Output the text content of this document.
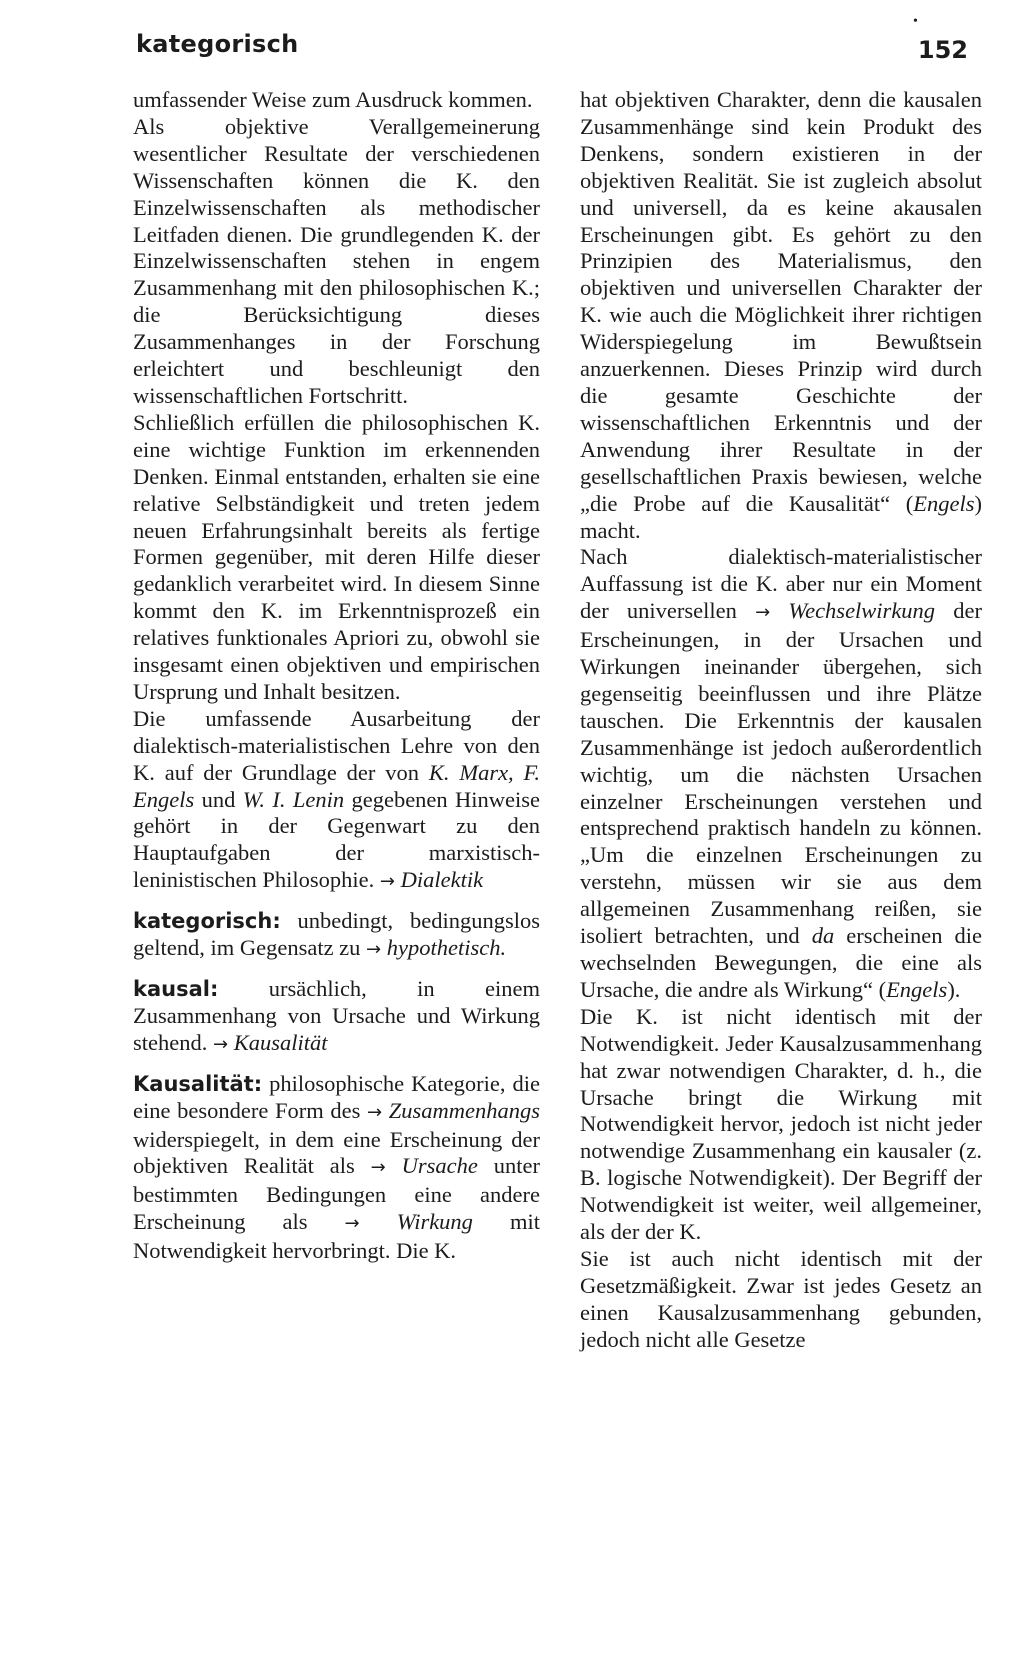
kategorisch	152
•

umfassender Weise zum Ausdruck kommen.

Als objektive Verallgemeinerung wesentlicher Resultate der verschiedenen Wissenschaften können die K. den Einzelwissenschaften als methodischer Leitfaden dienen. Die grundlegenden K. der Einzelwissenschaften stehen in engem Zusammenhang mit den philosophischen K.; die Berücksichtigung dieses Zusammenhanges in der Forschung erleichtert und beschleunigt den wissenschaftlichen Fortschritt.

Schließlich erfüllen die philosophischen K. eine wichtige Funktion im erkennenden Denken. Einmal entstanden, erhalten sie eine relative Selbständigkeit und treten jedem neuen Erfahrungsinhalt bereits als fertige Formen gegenüber, mit deren Hilfe dieser gedanklich verarbeitet wird. In diesem Sinne kommt den K. im Erkenntnisprozeß ein relatives funktionales Apriori zu, obwohl sie insgesamt einen objektiven und empirischen Ursprung und Inhalt besitzen.

Die umfassende Ausarbeitung der dialektisch-materialistischen Lehre von den K. auf der Grundlage der von K. Marx, F. Engels und W. I. Lenin gegebenen Hinweise gehört in der Gegenwart zu den Hauptaufgaben der marxistisch-leninistischen Philosophie. → Dialektik

kategorisch: unbedingt, bedingungslos geltend, im Gegensatz zu → hypothetisch.

kausal: ursächlich, in einem Zusammenhang von Ursache und Wirkung stehend. → Kausalität

Kausalität: philosophische Kategorie, die eine besondere Form des → Zusammenhangs widerspiegelt, in dem eine Erscheinung der objektiven Realität als → Ursache unter bestimmten Bedingungen eine andere Erscheinung als → Wirkung mit Notwendigkeit hervorbringt. Die K.

hat objektiven Charakter, denn die kausalen Zusammenhänge sind kein Produkt des Denkens, sondern existieren in der objektiven Realität. Sie ist zugleich absolut und universell, da es keine akausalen Erscheinungen gibt. Es gehört zu den Prinzipien des Materialismus, den objektiven und universellen Charakter der K. wie auch die Möglichkeit ihrer richtigen Widerspiegelung im Bewußtsein anzuerkennen. Dieses Prinzip wird durch die gesamte Geschichte der wissenschaftlichen Erkenntnis und der Anwendung ihrer Resultate in der gesellschaftlichen Praxis bewiesen, welche „die Probe auf die Kausalität“ (Engels) macht.

Nach dialektisch-materialistischer Auffassung ist die K. aber nur ein Moment der universellen → Wechselwirkung der Erscheinungen, in der Ursachen und Wirkungen ineinander übergehen, sich gegenseitig beeinflussen und ihre Plätze tauschen. Die Erkenntnis der kausalen Zusammenhänge ist jedoch außerordentlich wichtig, um die nächsten Ursachen einzelner Erscheinungen verstehen und entsprechend praktisch handeln zu können. „Um die einzelnen Erscheinungen zu verstehn, müssen wir sie aus dem allgemeinen Zusammenhang reißen, sie isoliert betrachten, und da erscheinen die wechselnden Bewegungen, die eine als Ursache, die andre als Wirkung“ (Engels).

Die K. ist nicht identisch mit der Notwendigkeit. Jeder Kausalzusammenhang hat zwar notwendigen Charakter, d. h., die Ursache bringt die Wirkung mit Notwendigkeit hervor, jedoch ist nicht jeder notwendige Zusammenhang ein kausaler (z. B. logische Notwendigkeit). Der Begriff der Notwendigkeit ist weiter, weil allgemeiner, als der der K.

Sie ist auch nicht identisch mit der Gesetzmäßigkeit. Zwar ist jedes Gesetz an einen Kausalzusammenhang gebunden, jedoch nicht alle Gesetze
